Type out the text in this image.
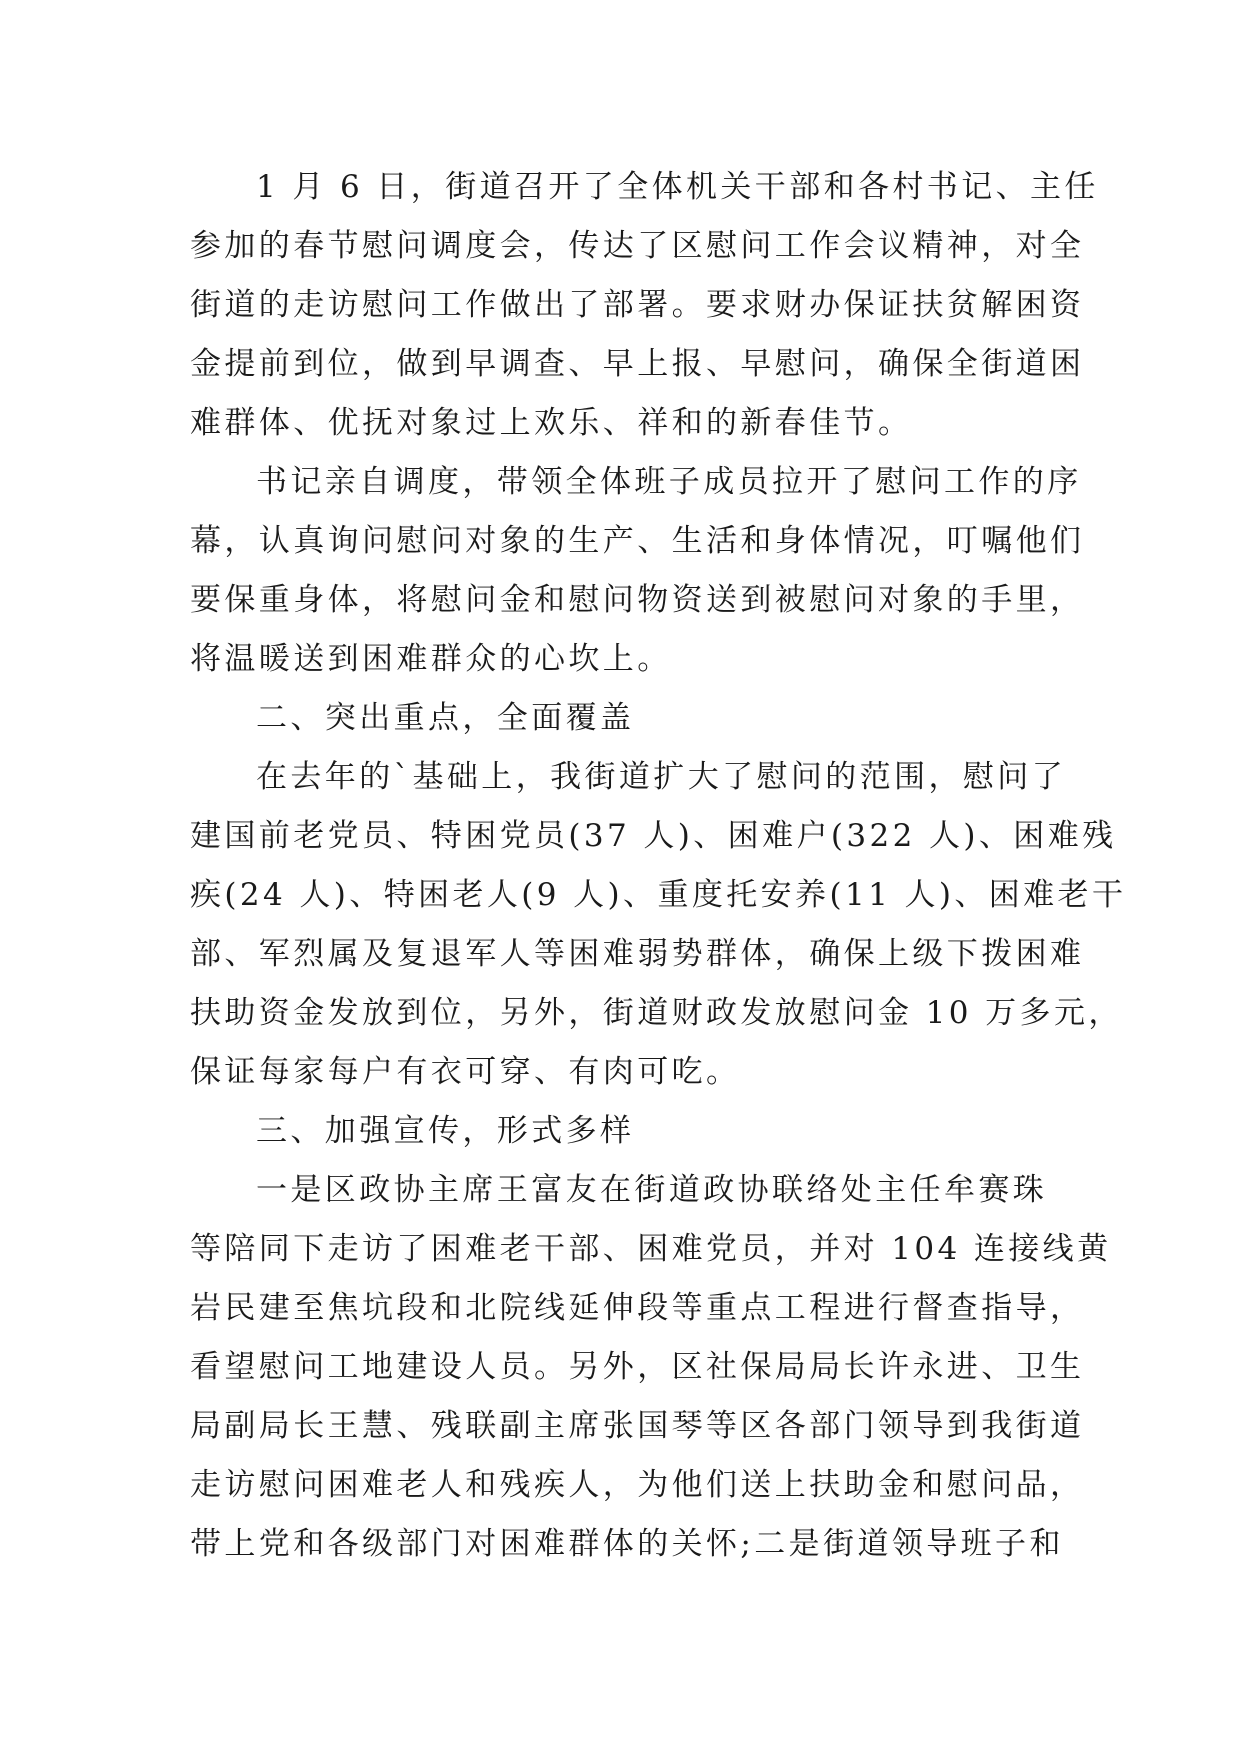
1 月 6 日，街道召开了全体机关干部和各村书记、主任
参加的春节慰问调度会，传达了区慰问工作会议精神，对全
街道的走访慰问工作做出了部署。要求财办保证扶贫解困资
金提前到位，做到早调查、早上报、早慰问，确保全街道困
难群体、优抚对象过上欢乐、祥和的新春佳节。
书记亲自调度，带领全体班子成员拉开了慰问工作的序
幕，认真询问慰问对象的生产、生活和身体情况，叮嘱他们
要保重身体，将慰问金和慰问物资送到被慰问对象的手里，
将温暖送到困难群众的心坎上。
二、突出重点，全面覆盖
在去年的`基础上，我街道扩大了慰问的范围，慰问了
建国前老党员、特困党员(37 人)、困难户(322 人)、困难残
疾(24 人)、特困老人(9 人)、重度托安养(11 人)、困难老干
部、军烈属及复退军人等困难弱势群体，确保上级下拨困难
扶助资金发放到位，另外，街道财政发放慰问金 10 万多元，
保证每家每户有衣可穿、有肉可吃。
三、加强宣传，形式多样
一是区政协主席王富友在街道政协联络处主任牟赛珠
等陪同下走访了困难老干部、困难党员，并对 104 连接线黄
岩民建至焦坑段和北院线延伸段等重点工程进行督查指导，
看望慰问工地建设人员。另外，区社保局局长许永进、卫生
局副局长王慧、残联副主席张国琴等区各部门领导到我街道
走访慰问困难老人和残疾人，为他们送上扶助金和慰问品，
带上党和各级部门对困难群体的关怀;二是街道领导班子和
